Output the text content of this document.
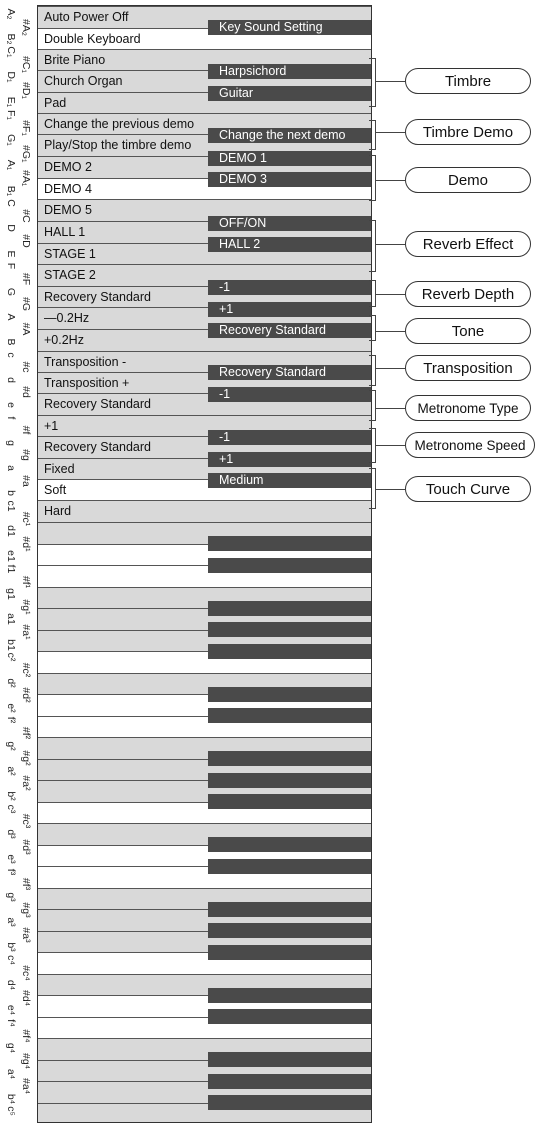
Auto Power Off
Double Keyboard
Brite Piano
Church Organ
Pad
Change the previous demo
Play/Stop the timbre demo
DEMO 2
DEMO 4
DEMO 5
HALL 1
STAGE 1
STAGE 2
Recovery Standard
—0.2Hz
+0.2Hz
Transposition -
Transposition +
Recovery Standard
+1
Recovery Standard
Fixed
Soft
Hard
Key Sound Setting
Harpsichord
Guitar
Change the next demo
DEMO 1
DEMO 3
OFF/ON
HALL 2
-1
+1
Recovery Standard
Recovery Standard
-1
-1
+1
Medium
A₂
#A₂
B₂
C₁
#C₁
D₁
#D₁
E₁
F₁
#F₁
G₁
#G₁
A₁
#A₁
B₁
C
#C
D
#D
E
F
#F
G
#G
A
#A
B
c
#c
d
#d
e
f
#f
g
#g
a
#a
b
c1
#c¹
d1
#d¹
e1
f1
#f¹
g1
#g¹
a1
#a¹
b1
c²
#c²
d²
#d²
e²
f²
#f²
g²
#g²
a²
#a²
b²
c³
#c³
d³
#d³
e³
f³
#f³
g³
#g³
a³
#a³
b³
c⁴
#c⁴
d⁴
#d⁴
e⁴
f⁴
#f⁴
g⁴
#g⁴
a⁴
#a⁴
b⁴
c⁵
Timbre
Timbre Demo
Demo
Reverb Effect
Reverb Depth
Tone
Transposition
Metronome Type
Metronome Speed
Touch Curve
